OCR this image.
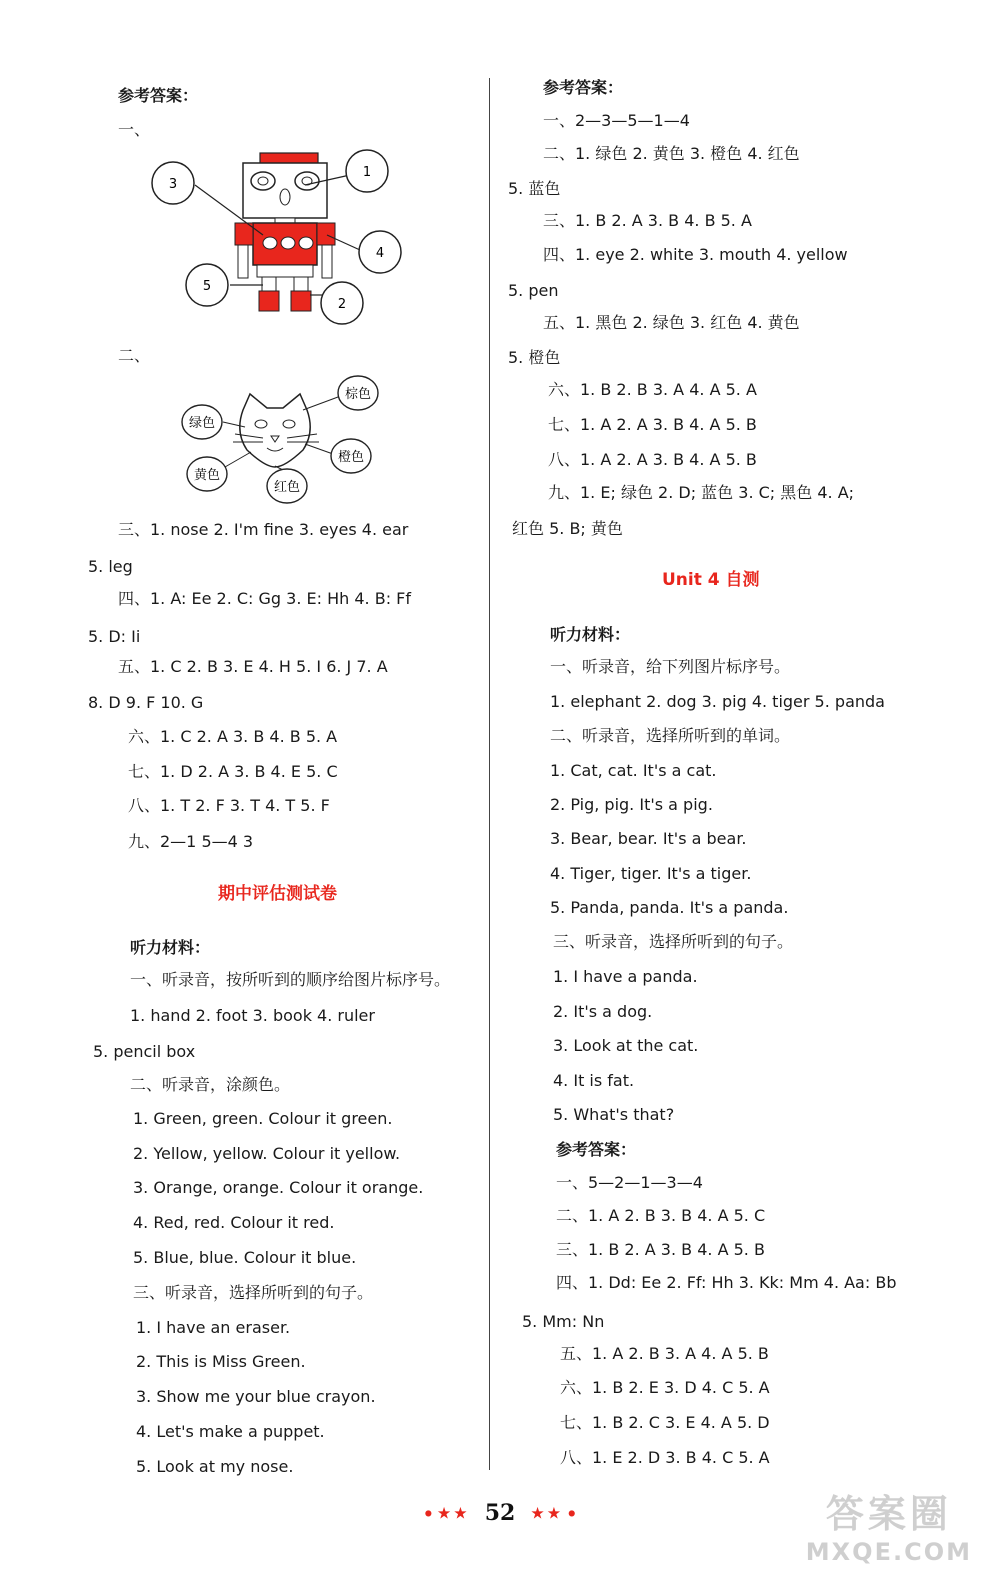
参考答案：
一、
3
1
4
5
2
二、
棕色
绿色
橙色
黄色
红色
三、1. nose 2. I'm fine 3. eyes 4. ear
5. leg
四、1. A: Ee 2. C: Gg 3. E: Hh 4. B: Ff
5. D: Ii
五、1. C 2. B 3. E 4. H 5. I 6. J 7. A
8. D 9. F 10. G
六、1. C 2. A 3. B 4. B 5. A
七、1. D 2. A 3. B 4. E 5. C
八、1. T 2. F 3. T 4. T 5. F
九、2—1 5—4 3
期中评估测试卷
听力材料：
一、听录音，按所听到的顺序给图片标序号。
1. hand 2. foot 3. book 4. ruler
5. pencil box
二、听录音，涂颜色。
1. Green, green. Colour it green.
2. Yellow, yellow. Colour it yellow.
3. Orange, orange. Colour it orange.
4. Red, red. Colour it red.
5. Blue, blue. Colour it blue.
三、听录音，选择所听到的句子。
1. I have an eraser.
2. This is Miss Green.
3. Show me your blue crayon.
4. Let's make a puppet.
5. Look at my nose.
参考答案：
一、2—3—5—1—4
二、1. 绿色 2. 黄色 3. 橙色 4. 红色
5. 蓝色
三、1. B 2. A 3. B 4. B 5. A
四、1. eye 2. white 3. mouth 4. yellow
5. pen
五、1. 黑色 2. 绿色 3. 红色 4. 黄色
5. 橙色
六、1. B 2. B 3. A 4. A 5. A
七、1. A 2. A 3. B 4. A 5. B
八、1. A 2. A 3. B 4. A 5. B
九、1. E; 绿色 2. D; 蓝色 3. C; 黑色 4. A;
红色 5. B; 黄色
Unit 4 自测
听力材料：
一、听录音，给下列图片标序号。
1. elephant 2. dog 3. pig 4. tiger 5. panda
二、听录音，选择所听到的单词。
1. Cat, cat. It's a cat.
2. Pig, pig. It's a pig.
3. Bear, bear. It's a bear.
4. Tiger, tiger. It's a tiger.
5. Panda, panda. It's a panda.
三、听录音，选择所听到的句子。
1. I have a panda.
2. It's a dog.
3. Look at the cat.
4. It is fat.
5. What's that?
参考答案：
一、5—2—1—3—4
二、1. A 2. B 3. B 4. A 5. C
三、1. B 2. A 3. B 4. A 5. B
四、1. Dd: Ee 2. Ff: Hh 3. Kk: Mm 4. Aa: Bb
5. Mm: Nn
五、1. A 2. B 3. A 4. A 5. B
六、1. B 2. E 3. D 4. C 5. A
七、1. B 2. C 3. E 4. A 5. D
八、1. E 2. D 3. B 4. C 5. A
● ★★ 52 ★★ ●	答案圈
MXQE.COM
